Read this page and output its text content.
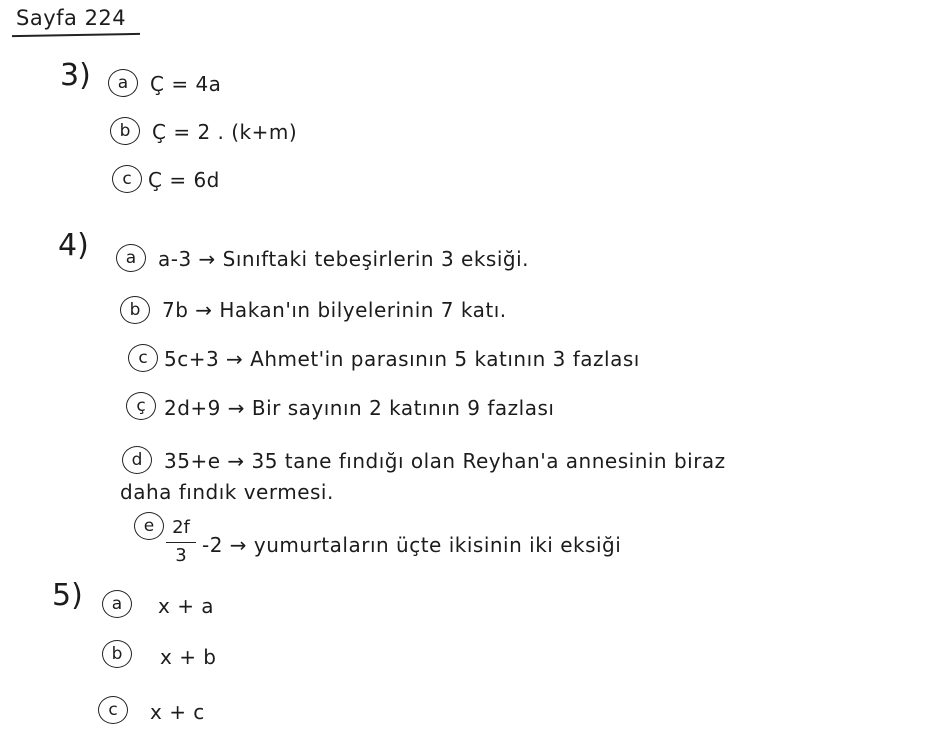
Sayfa 224
3)	a	Ç = 4a
b	Ç = 2 . (k+m)
c Ç = 6d
4)	a	a-3 → Sınıftaki tebeşirlerin 3 eksiği.
b	7b → Hakan'ın bilyelerinin 7 katı.
c 5c+3 → Ahmet'in parasının 5 katının 3 fazlası
ç 2d+9 → Bir sayının 2 katının 9 fazlası
d	35+e → 35 tane fındığı olan Reyhan'a annesinin biraz
daha fındık vermesi.
e 2f
3 -2 → yumurtaların üçte ikisinin iki eksiği
5)	a	x + a
b	x + b
c	x + c
